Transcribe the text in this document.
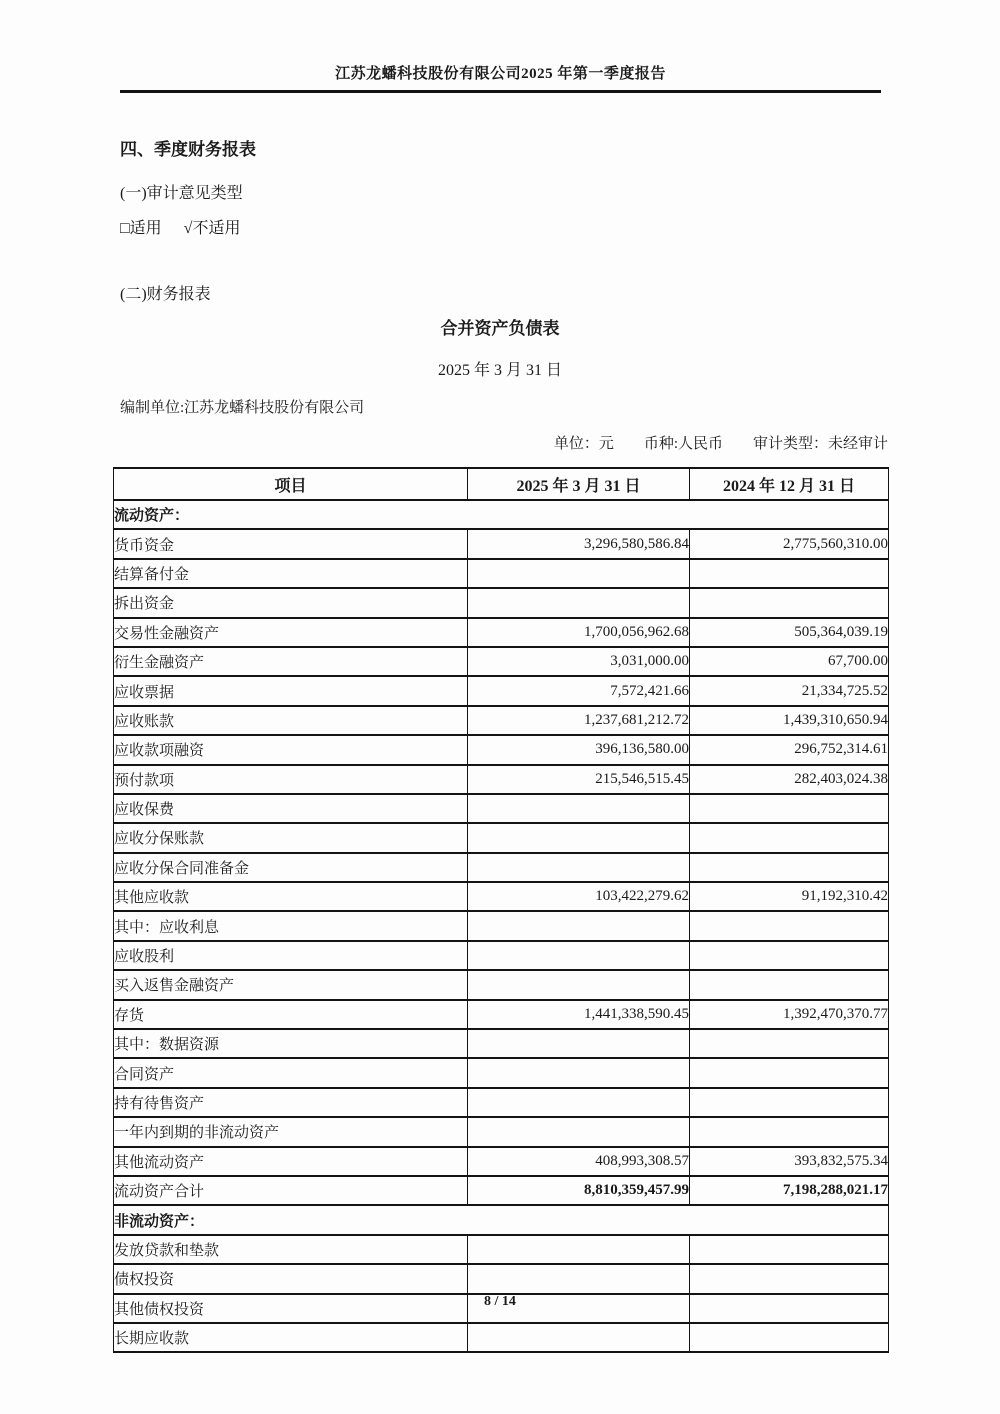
江苏龙蟠科技股份有限公司2025 年第一季度报告
四、季度财务报表
(一)审计意见类型
□适用 √不适用
(二)财务报表
合并资产负债表
2025 年 3 月 31 日
编制单位:江苏龙蟠科技股份有限公司
单位：元　　币种:人民币　　审计类型：未经审计
项目	2025 年 3 月 31 日	2024 年 12 月 31 日
流动资产：		
货币资金	3,296,580,586.84	2,775,560,310.00
结算备付金		
拆出资金		
交易性金融资产	1,700,056,962.68	505,364,039.19
衍生金融资产	3,031,000.00	67,700.00
应收票据	7,572,421.66	21,334,725.52
应收账款	1,237,681,212.72	1,439,310,650.94
应收款项融资	396,136,580.00	296,752,314.61
预付款项	215,546,515.45	282,403,024.38
应收保费		
应收分保账款		
应收分保合同准备金		
其他应收款	103,422,279.62	91,192,310.42
其中：应收利息		
应收股利		
买入返售金融资产		
存货	1,441,338,590.45	1,392,470,370.77
其中：数据资源		
合同资产		
持有待售资产		
一年内到期的非流动资产		
其他流动资产	408,993,308.57	393,832,575.34
流动资产合计	8,810,359,457.99	7,198,288,021.17
非流动资产：		
发放贷款和垫款		
债权投资		
其他债权投资		
长期应收款		
8 / 14
